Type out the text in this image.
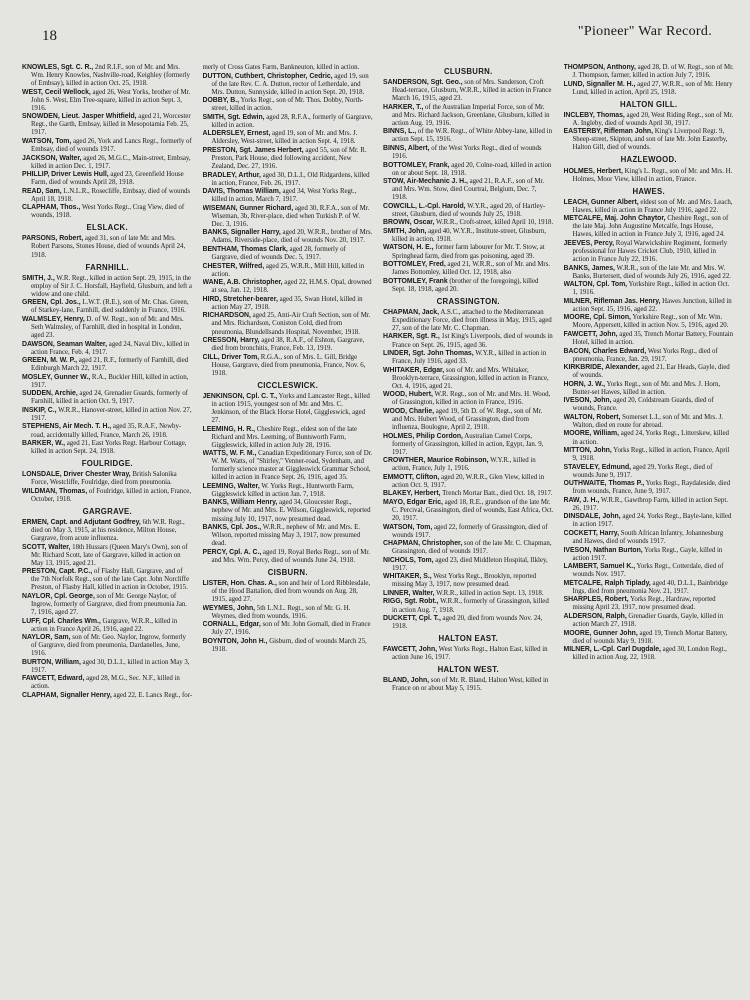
18	"Pioneer" War Record.
KNOWLES, Sgt. C. R., 2nd R.I.F., son of Mr. and Mrs. Wm. Henry Knowles, Nashville-road, Keighley (formerly of Embsay), killed in action Oct. 25, 1918.
WEST, Cecil Wellock, aged 26, West Yorks, brother of Mr. John S. West, Elm Tree-square, killed in action Sept. 3, 1916.
SNOWDEN, Lieut. Jasper Whitfield, aged 21, Worcester Regt., the Garth, Embsay, killed in Mesopotamia Feb. 25, 1917.
WATSON, Tom, aged 26, York and Lancs Regt., formerly of Embsay, died of wounds 1917.
JACKSON, Walter, aged 26, M.G.C., Main-street, Embsay, killed in action Dec. 1, 1917.
PHILLIP, Driver Lewis Hull, aged 23, Greenfield House Farm, died of wounds April 28, 1918.
READ, Sam, L.N.L.R., Rosecliffe, Embsay, died of wounds April 18, 1918.
CLAPHAM, Thos., West Yorks Regt., Crag View, died of wounds, 1918.
ELSLACK.
PARSONS, Robert, aged 31, son of late Mr. and Mrs. Robert Parsons, Stones House, died of wounds April 24, 1918.
FARNHILL.
SMITH, J., W.R. Regt., killed in action Sept. 29, 1915, in the employ of Sir J. C. Horsfall, Hayfield, Glusburn, and left a widow and one child.
GREEN, Cpl. Jos., L.W.T. (R.E.), son of Mr. Chas. Green, of Starkey-lane, Farnhill, died suddenly in France, 1916.
WALMSLEY, Henry, D. of W. Regt., son of Mr. and Mrs. Seth Walmsley, of Farnhill, died in hospital in London, aged 23.
DAWSON, Seaman Walter, aged 24, Naval Div., killed in action France, Feb. 4, 1917.
GREEN, M. W. P., aged 21, R.F., formerly of Farnhill, died Edinburgh March 22, 1917.
MOSLEY, Gunner W., R.A., Buckler Hill, killed in action, 1917.
SUDDEN, Archie, aged 24, Grenadier Guards, formerly of Farnhill, killed in action Oct. 9, 1917.
INSKIP, C., W.R.R., Hanover-street, killed in action Nov. 27, 1917.
STEPHENS, Air Mech. T. H., aged 35, R.A.F., Newby-road, accidentally killed, France, March 26, 1918.
BARKER, W., aged 21, East Yorks Regt. Harbour Cottage, killed in action Sept. 24, 1918.
FOULRIDGE.
LONSDALE, Driver Chester Wray, British Salonika Force, Westcliffe, Foulridge, died from pneumonia.
WILDMAN, Thomas, of Foulridge, killed in action, France, October, 1918.
GARGRAVE.
ERMEN, Capt. and Adjutant Godfrey, 6th W.R. Regt., died on May 3, 1915, at his residence, Milton House, Gargrave, from acute influenza.
SCOTT, Walter, 18th Hussars (Queen Mary's Own), son of Mr. Richard Scott, late of Gargrave, killed in action on May 13, 1915, aged 21.
PRESTON, Capt. P.C., of Flasby Hall, Gargrave, and of the 7th Norfolk Regt., son of the late Capt. John Norcliffe Preston, of Flasby Hall, killed in action in October, 1915.
NAYLOR, Cpl. George, son of Mr. George Naylor, of Ingrow, formerly of Gargrave, died from pneumonia Jan. 7, 1916, aged 27.
LUFF, Cpl. Charles Wm., Gargrave, W.R.R., killed in action in France April 26, 1916, aged 22.
NAYLOR, Sam, son of Mr. Geo. Naylor, Ingrow, formerly of Gargrave, died from pneumonia, Dardanelles, June, 1916.
BURTON, William, aged 30, D.L.I., killed in action May 3, 1917.
FAWCETT, Edward, aged 28, M.G., Sec. N.F., killed in action.
CLAPHAM, Signaller Henry, aged 22, E. Lancs Regt., for-
merly of Cross Gates Farm, Bankneuton, killed in action.
DUTTON, Cuthbert, Christopher, Cedric, aged 19, son of the late Rev. C. A. Dutton, rector of Letherdale, and Mrs. Dutton, Sunnyside, killed in action Sept. 20, 1918.
DOBBY, B., Yorks Regt., son of Mr. Thos. Dobby, North-street, killed in action.
SMITH, Sgt. Edwin, aged 28, R.F.A., formerly of Gargrave, killed in action.
ALDERSLEY, Ernest, aged 19, son of Mr. and Mrs. J. Aldersley, West-street, killed in action Sept. 4, 1918.
PRESTON, Sgt. James Herbert, aged 55, son of Mr. R. Preston, Park House, died following accident, New Zealand, Dec. 27, 1916.
BRADLEY, Arthur, aged 30, D.L.I., Old Ridgardens, killed in action, France, Feb. 26, 1917.
DAVIS, Thomas William, aged 34, West Yorks Regt., killed in action, March 7, 1917.
WISEMAN, Gunner Richard, aged 30, R.F.A., son of Mr. Wiseman, 3b, River-place, died when Turkish P. of W. Dec. 3, 1916.
BANKS, Signaller Harry, aged 20, W.R.R., brother of Mrs. Adams, Riverside-place, died of wounds Nov. 20, 1917.
BENTHAM, Thomas Clark, aged 28, formerly of Gargrave, died of wounds Dec. 5, 1917.
CHESTER, Wilfred, aged 25, W.R.R., Mill Hill, killed in action.
WANE, A.B. Christopher, aged 22, H.M.S. Opal, drowned at sea, Jan. 12, 1918.
HIRD, Stretcher-bearer, aged 35, Swan Hotel, killed in action May 27, 1918.
RICHARDSON, aged 25, Anti-Air Craft Section, son of Mr. and Mrs. Richardson, Coniston Cold, died from pneumonia, Blundellsands Hospital, November, 1918.
CRESSON, Harry, aged 38, R.A.F., of Eshton, Gargrave, died from bronchitis, France, Feb. 13, 1919.
CILL, Driver Tom, R.G.A., son of Mrs. L. Gill, Bridge House, Gargrave, died from pneumonia, France, Nov. 6, 1918.
CICCLESWICK.
JENKINSON, Cpl. C. T., Yorks and Lancaster Regt., killed in action 1915, youngest son of Mr. and Mrs. C. Jenkinson, of the Black Horse Hotel, Giggleswick, aged 27.
LEEMING, H. R., Cheshire Regt., eldest son of the late Richard and Mrs. Leeming, of Buntsworth Farm, Giggleswick, killed in action July 28, 1916.
WATTS, W. F. M., Canadian Expeditionary Force, son of Dr. W. M. Watts, of "Shirley," Venner-road, Sydenham, and formerly science master at Giggleswick Grammar School, killed in action in France Sept. 26, 1916, aged 35.
LEEMING, Walter, W. Yorks Regt., Huntworth Farm, Giggleswick killed in action Jan. 7, 1918.
BANKS, William Henry, aged 34, Gloucester Regt., nephew of Mr. and Mrs. E. Wilson, Giggleswick, reported missing July 10, 1917, now presumed dead.
BANKS, Cpl. Jos., W.R.R., nephew of Mr. and Mrs. E. Wilson, reported missing May 3, 1917, now presumed dead.
PERCY, Cpl. A. C., aged 19, Royal Berks Regt., son of Mr. and Mrs. Wm. Percy, died of wounds June 24, 1918.
CISBURN.
LISTER, Hon. Chas. A., son and heir of Lord Ribblesdale, of the Hood Battalion, died from wounds on Aug. 28, 1915, aged 27.
WEYMES, John, 5th L.N.L. Regt., son of Mr. G. H. Weymes, died from wounds, 1916.
CORNALL, Edgar, son of Mr. John Gornall, died in France July 27, 1916.
BOYNTON, John H., Gisburn, died of wounds March 25, 1918.
CLUSBURN.
SANDERSON, Sgt. Geo., son of Mrs. Sanderson, Croft Head-terrace, Glusburn, W.R.R., killed in action in France March 16, 1915, aged 23.
HARKER, T., of the Australian Imperial Force, son of Mr. and Mrs. Richard Jackson, Greenlane, Glusburn, killed in action Aug. 19, 1916.
BINNS, L., of the W.R. Regt., of White Abbey-lane, killed in action Sept. 15, 1916.
BINNS, Albert, of the West Yorks Regt., died of wounds 1916.
BOTTOMLEY, Frank, aged 20, Colne-road, killed in action on or about Sept. 18, 1918.
STOW, Air-Mechanic J. H., aged 21, R.A.F., son of Mr. and Mrs. Wm. Stow, died Courtrai, Belgium, Dec. 7, 1918.
COWCILL, L.-Cpl. Harold, W.Y.R., aged 20, of Hartley-street, Glusburn, died of wounds July 25, 1918.
BROWN, Oscar, W.R.R., Croft-street, killed April 10, 1918.
SMITH, John, aged 40, W.Y.R., Institute-street, Glusburn, killed in action, 1918.
WATSON, H. E., former farm labourer for Mr. T. Stow, at Springhead farm, died from gas poisoning, aged 39.
BOTTOMLEY, Fred, aged 21, W.R.R., son of Mr. and Mrs. James Bottomley, killed Oct. 12, 1918, also
BOTTOMLEY, Frank (brother of the foregoing), killed Sept. 18, 1918, aged 20.
CRASSINGTON.
CHAPMAN, Jack, A.S.C., attached to the Mediterranean Expeditionary Force, died from illness in May, 1915, aged 27, son of the late Mr. C. Chapman.
HARKER, Sgt. R., 1st King's Liverpools, died of wounds in France on Sept. 26, 1915, aged 36.
LINDER, Sgt. John Thomas, W.Y.R., killed in action in France, July 1916, aged 33.
WHITAKER, Edgar, son of Mr. and Mrs. Whitaker, Brooklyn-terrace, Grassington, killed in action in France, Oct. 4, 1916, aged 21.
WOOD, Hubert, W.R. Regt., son of Mr. and Mrs. H. Wood, of Grassington, killed in action in France, 1916.
WOOD, Charlie, aged 19, 5th D. of W. Regt., son of Mr. and Mrs. Hubert Wood, of Grassington, died from influenza, Boulogne, April 2, 1918.
HOLMES, Philip Cordon, Australian Camel Corps, formerly of Grassington, killed in action, Egypt, Jan. 9, 1917.
CROWTHER, Maurice Robinson, W.Y.R., killed in action, France, July 1, 1916.
EMMOTT, Clifton, aged 20, W.R.R., Glen View, killed in action Oct. 9, 1917.
BLAKEY, Herbert, Trench Mortar Batt., died Oct. 18, 1917.
MAYO, Edgar Eric, aged 18, R.E., grandson of the late Mr. C. Percival, Grassington, died of wounds, East Africa, Oct. 20, 1917.
WATSON, Tom, aged 22, formerly of Grassington, died of wounds 1917.
CHAPMAN, Christopher, son of the late Mr. C. Chapman, Grassington, died of wounds 1917.
NICHOLS, Tom, aged 23, died Middleton Hospital, Ilkley, 1917.
WHITAKER, S., West Yorks Regt., Brooklyn, reported missing May 3, 1917, now presumed dead.
LINNER, Walter, W.R.R., killed in action Sept. 13, 1918.
RIGG, Sgt. Robt., W.R.R., formerly of Grassington, killed in action Aug. 7, 1918.
DUCKETT, Cpl. T., aged 20, died from wounds Nov. 24, 1918.
HALTON EAST.
FAWCETT, John, West Yorks Regt., Halton East, killed in action June 16, 1917.
HALTON WEST.
BLAND, John, son of Mr. R. Bland, Halton West, killed in France on or about May 5, 1915.
THOMPSON, Anthony, aged 28, D. of W. Regt., son of Mr. J. Thompson, farmer, killed in action July 7, 1916.
LUND, Signaller M. H., aged 27, W.R.R., son of Mr. Henry Lund, killed in action, April 25, 1918.
HALTON GILL.
INCLEBY, Thomas, aged 20, West Riding Regt., son of Mr. A. Ingleby, died of wounds April 30, 1917.
EASTERBY, Rifleman John, King's Liverpool Regt. 9, Sheep-street, Skipton, and son of late Mr. John Easterby, Halton Gill, died of wounds.
HAZLEWOOD.
HOLMES, Herbert, King's L. Regt., son of Mr. and Mrs. H. Holmes, Moor View, killed in action, France.
HAWES.
LEACH, Gunner Albert, eldest son of Mr. and Mrs. Leach, Hawes, killed in action in France July 1916, aged 22.
METCALFE, Maj. John Chaytor, Cheshire Regt., son of the late Maj. John Augustine Metcalfe, Ings House, Hawes, killed in action in France July 3, 1916, aged 24.
JEEVES, Percy, Royal Warwickshire Regiment, formerly professional for Hawes Cricket Club, 1910, killed in action in France July 22, 1916.
BANKS, James, W.R.R., son of the late Mr. and Mrs. W. Banks, Burtersett, died of wounds July 26, 1916, aged 22.
WALTON, Cpl. Tom, Yorkshire Regt., killed in action Oct. 1, 1916.
MILNER, Rifleman Jas. Henry, Hawes Junction, killed in action Sept. 15, 1916, aged 22.
MOORE, Cpl. Simon, Yorkshire Regt., son of Mr. Wm. Moore, Appersett, killed in action Nov. 5, 1916, aged 20.
FAWCETT, John, aged 35, Trench Mortar Battery, Fountain Hotel, killed in action.
BACON, Charles Edward, West Yorks Regt., died of pneumonia, France, Jan. 29, 1917.
KIRKBRIDE, Alexander, aged 21, Ear Heads, Gayle, died of wounds.
HORN, J. W., Yorks Regt., son of Mr. and Mrs. J. Horn, Butter-set Hawes, killed in action.
IVESON, John, aged 20, Coldstream Guards, died of wounds, France.
WALTON, Robert, Somerset L.I., son of Mr. and Mrs. J. Walton, died en route for abroad.
MOORE, William, aged 24, Yorks Regt., Litterskew, killed in action.
MITTON, John, Yorks Regt., killed in action, France, April 9, 1918.
STAVELEY, Edmund, aged 29, Yorks Regt., died of wounds June 9, 1917.
OUTHWAITE, Thomas P., Yorks Regt., Raydaleside, died from wounds, France, June 9, 1917.
RAW, J. H., W.R.R., Gawthrop Farm, killed in action Sept. 26, 1917.
DINSDALE, John, aged 24, Yorks Regt., Bayle-lane, killed in action 1917.
COCKETT, Harry, South African Infantry, Johannesburg and Hawes, died of wounds 1917.
IVESON, Nathan Burton, Yorks Regt., Gayle, killed in action 1917.
LAMBERT, Samuel K., Yorks Regt., Cotterdale, died of wounds Nov. 1917.
METCALFE, Ralph Tiplady, aged 40, D.L.I., Bainbridge Ings, died from pneumonia Nov. 21, 1917.
SHARPLES, Robert, Yorks Regt., Hardraw, reported missing April 23, 1917, now presumed dead.
ALDERSON, Ralph, Grenadier Guards, Gayle, killed in action March 27, 1918.
MOORE, Gunner John, aged 19, Trench Mortar Battery, died of wounds May 9, 1918.
MILNER, L.-Cpl. Carl Dugdale, aged 30, London Regt., killed in action Aug. 22, 1918.
